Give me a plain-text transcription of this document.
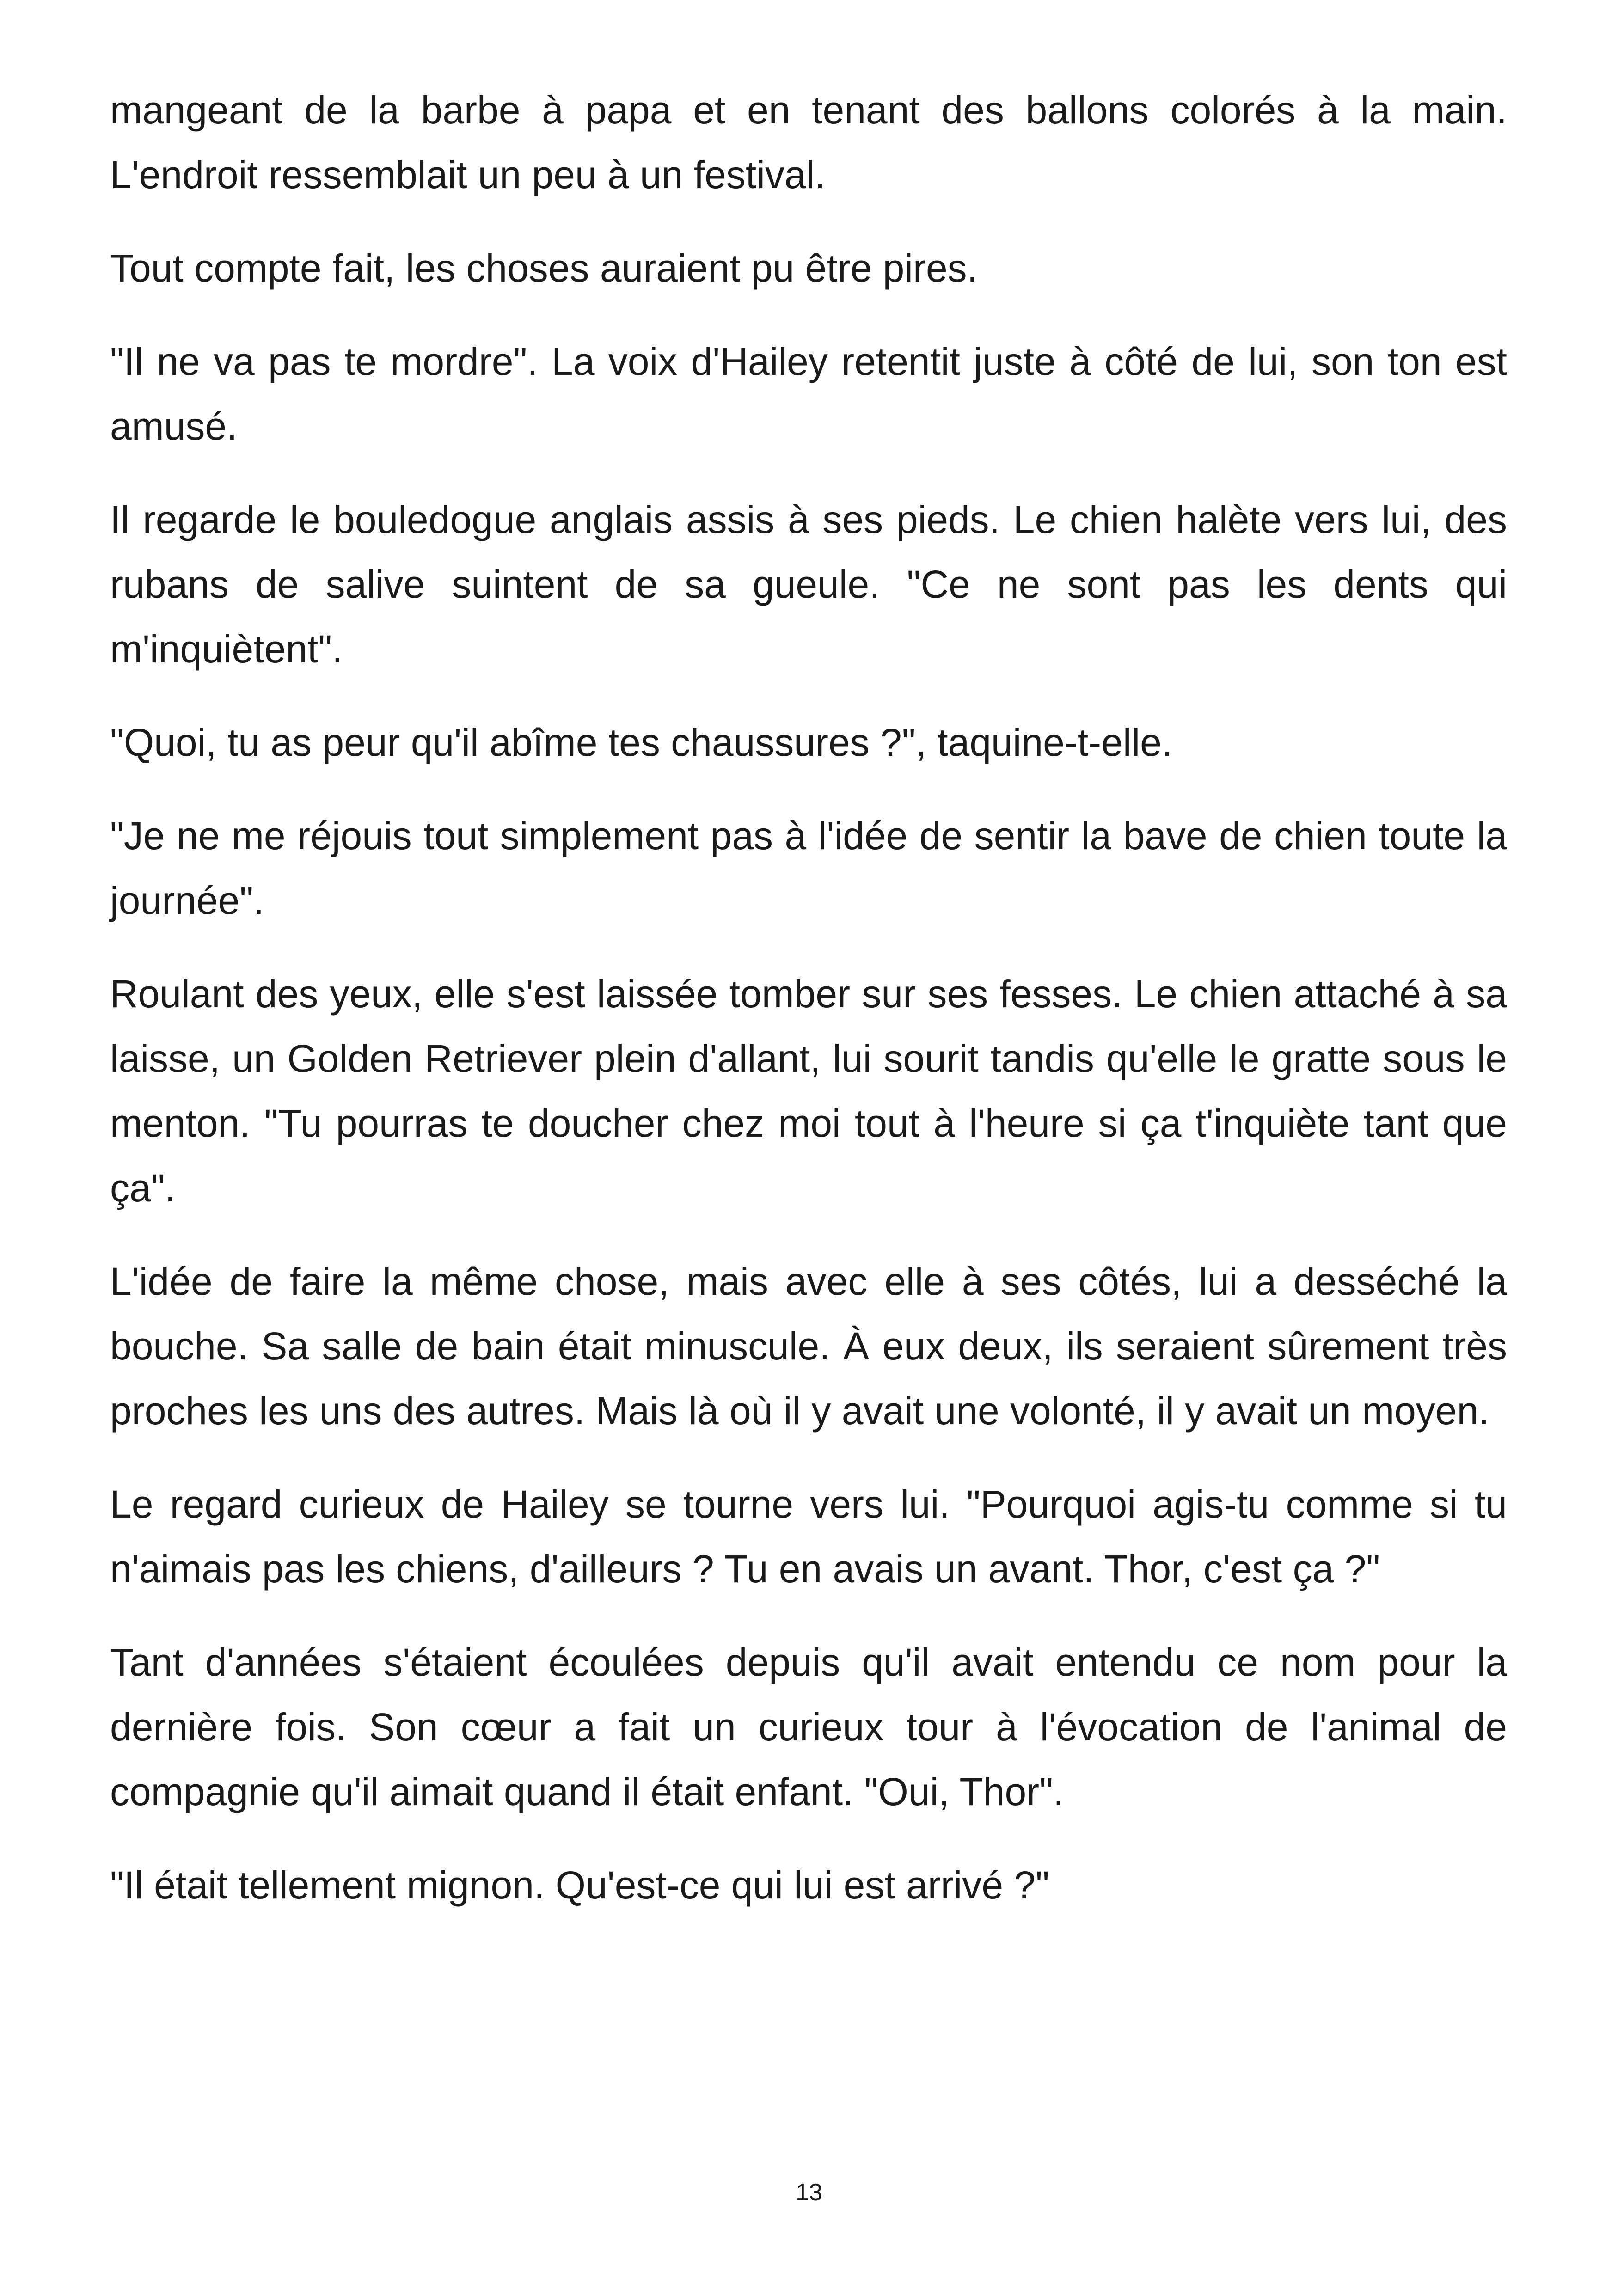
mangeant de la barbe à papa et en tenant des ballons colorés à la main. L'endroit ressemblait un peu à un festival.

Tout compte fait, les choses auraient pu être pires.

"Il ne va pas te mordre". La voix d'Hailey retentit juste à côté de lui, son ton est amusé.

Il regarde le bouledogue anglais assis à ses pieds. Le chien halète vers lui, des rubans de salive suintent de sa gueule. "Ce ne sont pas les dents qui m'inquiètent".

"Quoi, tu as peur qu'il abîme tes chaussures ?", taquine-t-elle.

"Je ne me réjouis tout simplement pas à l'idée de sentir la bave de chien toute la journée".

Roulant des yeux, elle s'est laissée tomber sur ses fesses. Le chien attaché à sa laisse, un Golden Retriever plein d'allant, lui sourit tandis qu'elle le gratte sous le menton. "Tu pourras te doucher chez moi tout à l'heure si ça t'inquiète tant que ça".

L'idée de faire la même chose, mais avec elle à ses côtés, lui a desséché la bouche. Sa salle de bain était minuscule. À eux deux, ils seraient sûrement très proches les uns des autres. Mais là où il y avait une volonté, il y avait un moyen.

Le regard curieux de Hailey se tourne vers lui. "Pourquoi agis-tu comme si tu n'aimais pas les chiens, d'ailleurs ? Tu en avais un avant. Thor, c'est ça ?"

Tant d'années s'étaient écoulées depuis qu'il avait entendu ce nom pour la dernière fois. Son cœur a fait un curieux tour à l'évocation de l'animal de compagnie qu'il aimait quand il était enfant. "Oui, Thor".

"Il était tellement mignon. Qu'est-ce qui lui est arrivé ?"

13
